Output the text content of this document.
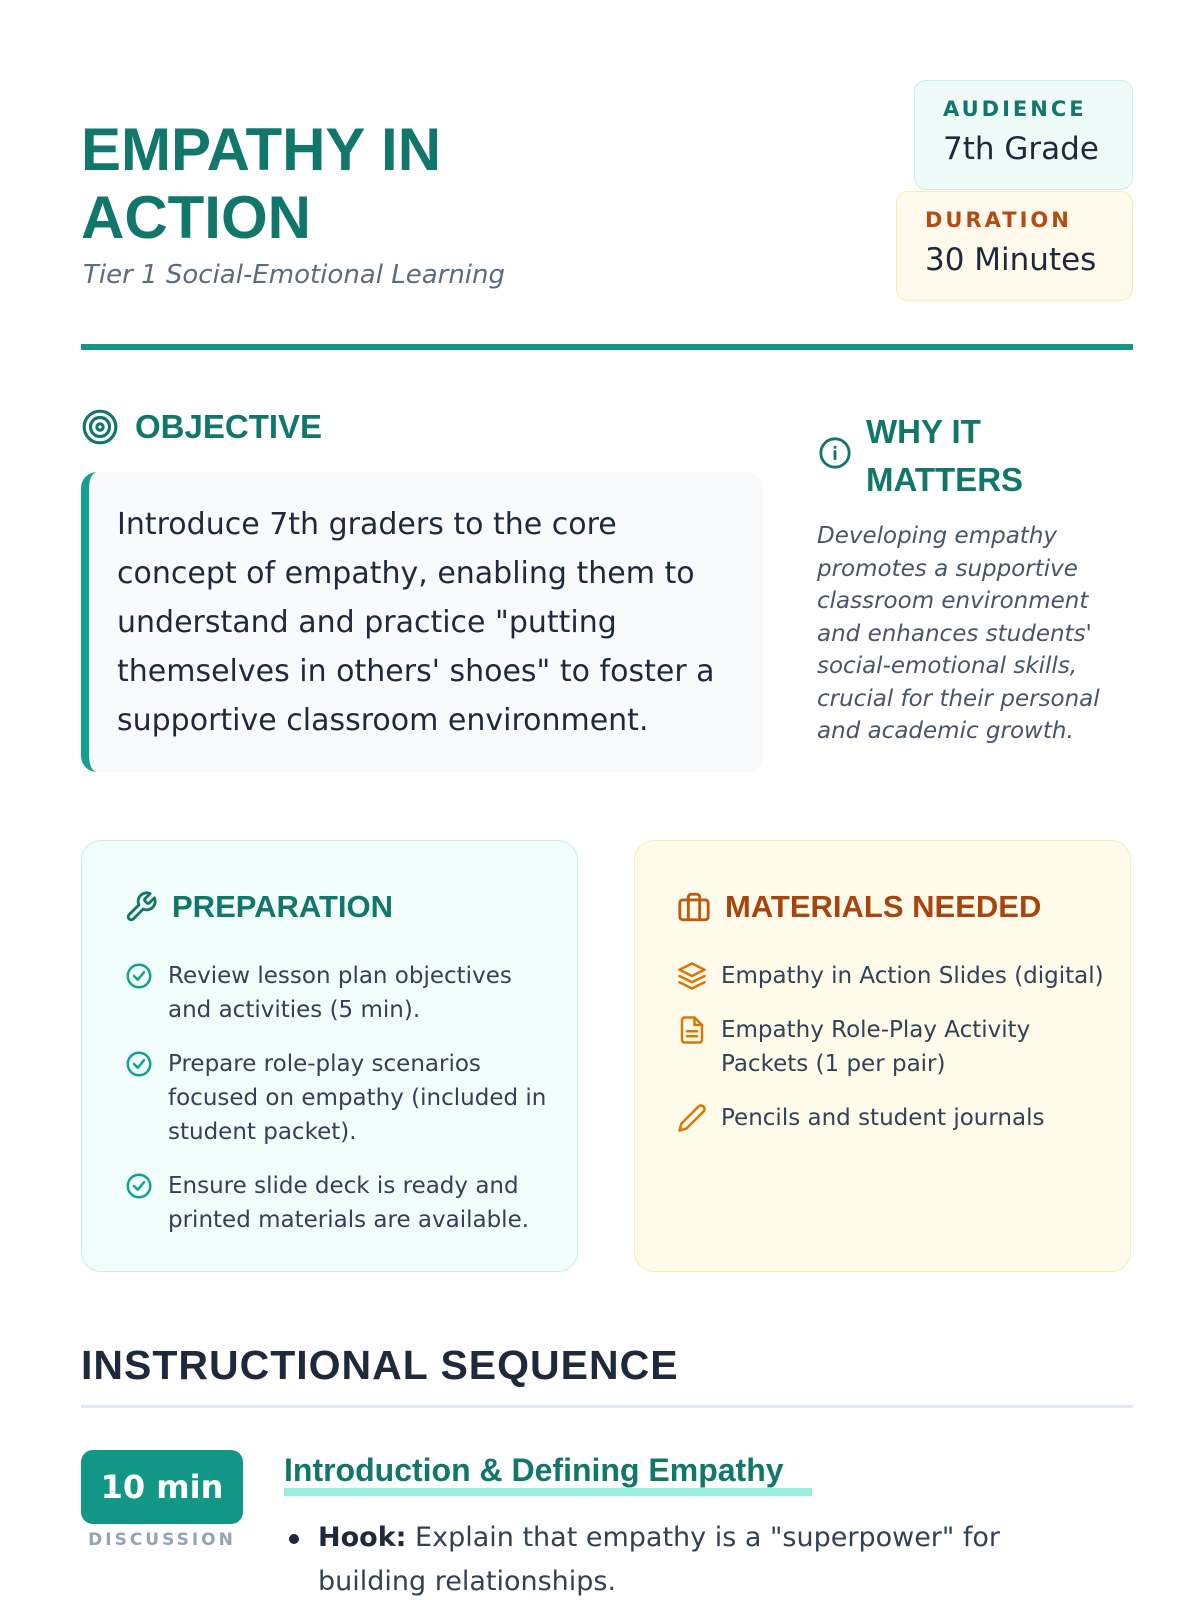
EMPATHY IN ACTION
Tier 1 Social-Emotional Learning
AUDIENCE
7th Grade
DURATION
30 Minutes
OBJECTIVE
Introduce 7th graders to the core concept of empathy, enabling them to understand and practice "putting themselves in others' shoes" to foster a supportive classroom environment.
WHY IT MATTERS

Developing empathy promotes a supportive classroom environment and enhances students' social-emotional skills, crucial for their personal and academic growth.

PREPARATION
Review lesson plan objectives and activities (5 min).
Prepare role-play scenarios focused on empathy (included in student packet).
Ensure slide deck is ready and printed materials are available.
MATERIALS NEEDED
Empathy in Action Slides (digital)
Empathy Role-Play Activity Packets (1 per pair)
Pencils and student journals
INSTRUCTIONAL SEQUENCE
10 min
DISCUSSION
Introduction & Defining Empathy
Hook: Explain that empathy is a "superpower" for building relationships.
